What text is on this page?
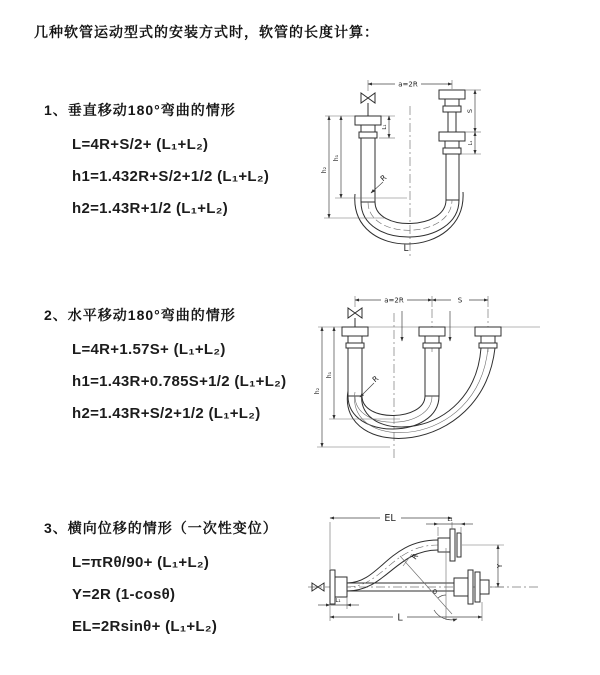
几种软管运动型式的安装方式时，软管的长度计算：
1、垂直移动180°弯曲的情形
L=4R+S/2+ (L₁+L₂)
h1=1.432R+S/2+1/2 (L₁+L₂)
h2=1.43R+1/2 (L₁+L₂)
2、水平移动180°弯曲的情形
L=4R+1.57S+ (L₁+L₂)
h1=1.43R+0.785S+1/2 (L₁+L₂)
h2=1.43R+S/2+1/2 (L₁+L₂)
3、横向位移的情形（一次性变位）
L=πRθ/90+ (L₁+L₂)
Y=2R (1-cosθ)
EL=2Rsinθ+ (L₁+L₂)
R
a=2R
h₁
h₂
L₁
S
L₁
L
a=2R	S
R
h₁
h₂
EL	L₁
θ
R
Y
L
L₁
